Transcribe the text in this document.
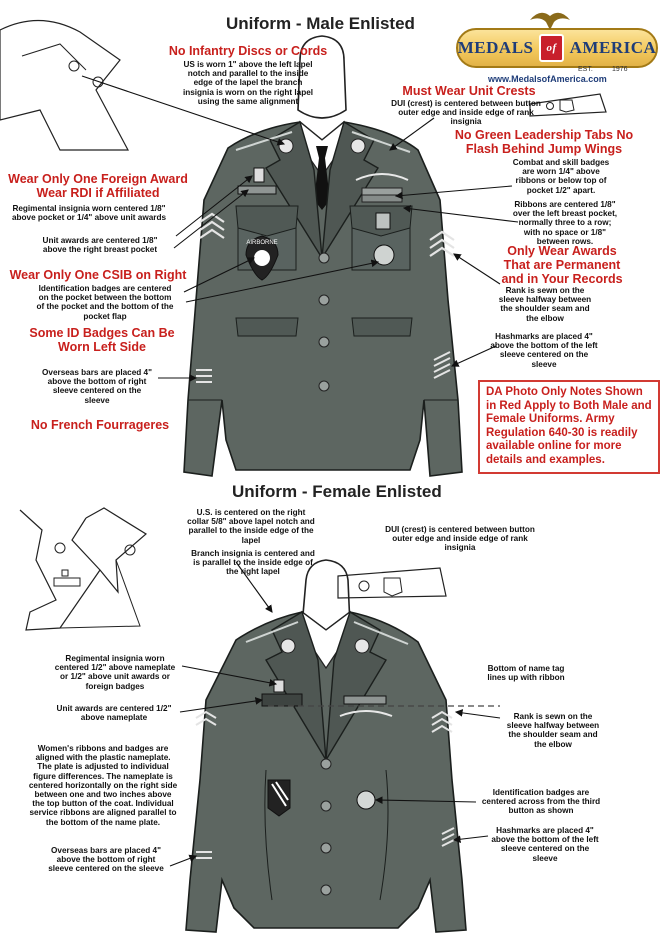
AIRBORNE
Uniform - Male Enlisted
Uniform - Female Enlisted
MEDALS	of AMERICA
EST.	1976
www.MedalsofAmerica.com
No Infantry Discs or Cords
US is worn 1" above the left lapel notch and parallel to the inside edge of the lapel the branch insignia is worn on the right lapel using the same alignment
Must Wear Unit Crests
DUI (crest) is centered between button outer edge and inside edge of rank insignia
No Green Leadership Tabs No Flash Behind Jump Wings
Combat and skill badges are worn 1/4" above ribbons or below top of pocket 1/2" apart.
Wear Only One Foreign Award Wear RDI if Affiliated
Regimental insignia worn centered 1/8" above pocket or 1/4" above unit awards
Unit awards are centered 1/8" above the right breast pocket
Ribbons are centered 1/8" over the left breast pocket, normally three to a row; with no space or 1/8" between rows.
Only Wear Awards That are Permanent and in Your Records
Wear Only One CSIB on Right
Identification badges are centered on the pocket between the bottom of the pocket and the bottom of the pocket flap
Rank is sewn on the sleeve halfway between the shoulder seam and the elbow
Some ID Badges Can Be Worn Left Side
Hashmarks are placed 4" above the bottom of the left sleeve centered on the sleeve
Overseas bars are placed 4" above the bottom of right sleeve centered on the sleeve
No French Fourrageres
DA Photo Only Notes Shown in Red Apply to Both Male and Female Uniforms. Army Regulation 640-30 is readily available online for more details and examples.
U.S. is centered on the right collar 5/8" above lapel notch and parallel to the inside edge of the lapel
Branch insignia is centered and is parallel to the inside edge of the right lapel
DUI (crest) is centered between button outer edge and inside edge of rank insignia
Regimental insignia worn centered 1/2" above nameplate or 1/2" above unit awards or foreign badges
Bottom of name tag lines up with ribbon
Unit awards are centered 1/2" above nameplate	Rank is sewn on the sleeve halfway between the shoulder seam and the elbow
Women's ribbons and badges are aligned with the plastic nameplate. The plate is adjusted to individual figure differences. The nameplate is centered horizontally on the right side between one and two inches above the top button of the coat. Individual service ribbons are aligned parallel to the bottom of the name plate.
Identification badges are centered across from the third button as shown
Hashmarks are placed 4" above the bottom of the left sleeve centered on the sleeve
Overseas bars are placed 4" above the bottom of right sleeve centered on the sleeve
